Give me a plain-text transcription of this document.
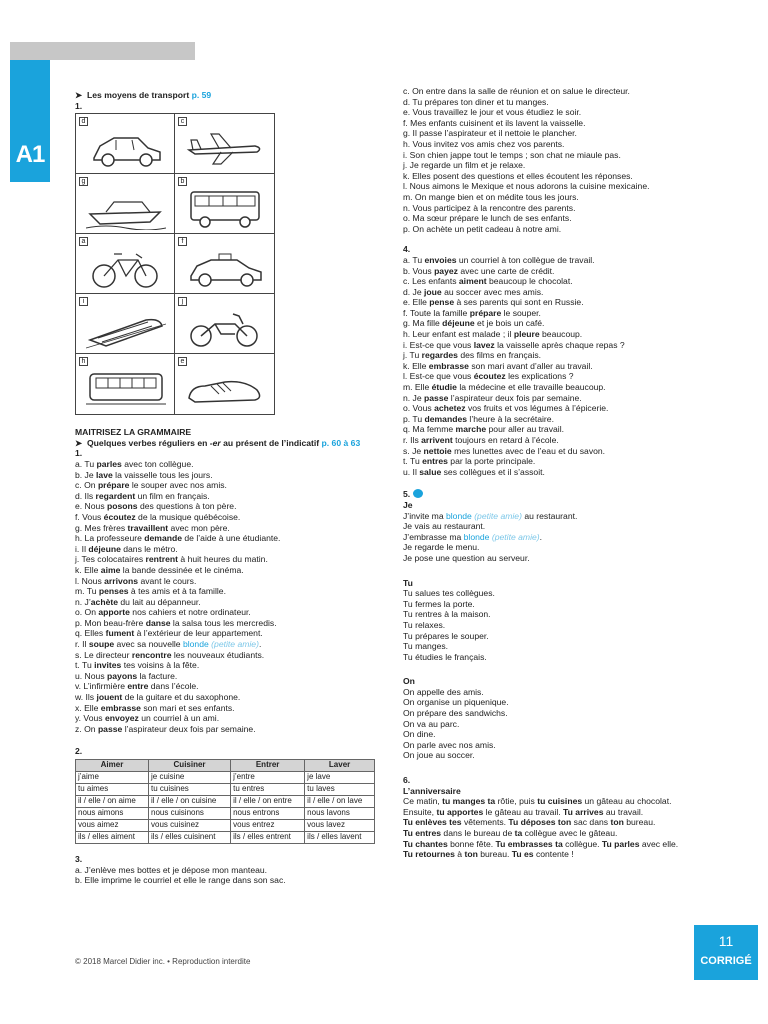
A1
➤ Les moyens de transport p. 59
1.
d	c
g	b
a	f
i	j
h	e
MAITRISEZ LA GRAMMAIRE
➤ Quelques verbes réguliers en -er au présent de l’indicatif p. 60 à 63
1.
a. Tu parles avec ton collègue.
b. Je lave la vaisselle tous les jours.
c. On prépare le souper avec nos amis.
d. Ils regardent un film en français.
e. Nous posons des questions à ton père.
f. Vous écoutez de la musique québécoise.
g. Mes frères travaillent avec mon père.
h. La professeure demande de l’aide à une étudiante.
i. Il déjeune dans le métro.
j. Tes colocataires rentrent à huit heures du matin.
k. Elle aime la bande dessinée et le cinéma.
l. Nous arrivons avant le cours.
m. Tu penses à tes amis et à ta famille.
n. J’achète du lait au dépanneur.
o. On apporte nos cahiers et notre ordinateur.
p. Mon beau-frère danse la salsa tous les mercredis.
q. Elles fument à l’extérieur de leur appartement.
r. Il soupe avec sa nouvelle blonde (petite amie).
s. Le directeur rencontre les nouveaux étudiants.
t. Tu invites tes voisins à la fête.
u. Nous payons la facture.
v. L’infirmière entre dans l’école.
w. Ils jouent de la guitare et du saxophone.
x. Elle embrasse son mari et ses enfants.
y. Vous envoyez un courriel à un ami.
z. On passe l’aspirateur deux fois par semaine.
2.
Aimer	Cuisiner	Entrer	Laver
j’aime	je cuisine	j’entre	je lave
tu aimes	tu cuisines	tu entres	tu laves
il / elle / on aime	il / elle / on cuisine	il / elle / on entre	il / elle / on lave
nous aimons	nous cuisinons	nous entrons	nous lavons
vous aimez	vous cuisinez	vous entrez	vous lavez
ils / elles aiment	ils / elles cuisinent	ils / elles entrent	ils / elles lavent
3.
a. J’enlève mes bottes et je dépose mon manteau.
b. Elle imprime le courriel et elle le range dans son sac.
c. On entre dans la salle de réunion et on salue le directeur.
d. Tu prépares ton diner et tu manges.
e. Vous travaillez le jour et vous étudiez le soir.
f. Mes enfants cuisinent et ils lavent la vaisselle.
g. Il passe l’aspirateur et il nettoie le plancher.
h. Vous invitez vos amis chez vos parents.
i. Son chien jappe tout le temps ; son chat ne miaule pas.
j. Je regarde un film et je relaxe.
k. Elles posent des questions et elles écoutent les réponses.
l. Nous aimons le Mexique et nous adorons la cuisine mexicaine.
m. On mange bien et on médite tous les jours.
n. Vous participez à la rencontre des parents.
o. Ma sœur prépare le lunch de ses enfants.
p. On achète un petit cadeau à notre ami.
4.
a. Tu envoies un courriel à ton collègue de travail.
b. Vous payez avec une carte de crédit.
c. Les enfants aiment beaucoup le chocolat.
d. Je joue au soccer avec mes amis.
e. Elle pense à ses parents qui sont en Russie.
f. Toute la famille prépare le souper.
g. Ma fille déjeune et je bois un café.
h. Leur enfant est malade ; il pleure beaucoup.
i. Est-ce que vous lavez la vaisselle après chaque repas ?
j. Tu regardes des films en français.
k. Elle embrasse son mari avant d’aller au travail.
l. Est-ce que vous écoutez les explications ?
m. Elle étudie la médecine et elle travaille beaucoup.
n. Je passe l’aspirateur deux fois par semaine.
o. Vous achetez vos fruits et vos légumes à l’épicerie.
p. Tu demandes l’heure à la secrétaire.
q. Ma femme marche pour aller au travail.
r. Ils arrivent toujours en retard à l’école.
s. Je nettoie mes lunettes avec de l’eau et du savon.
t. Tu entres par la porte principale.
u. Il salue ses collègues et il s’assoit.
5.
Je
J’invite ma blonde (petite amie) au restaurant.
Je vais au restaurant.
J’embrasse ma blonde (petite amie).
Je regarde le menu.
Je pose une question au serveur.
Tu
Tu salues tes collègues.
Tu fermes la porte.
Tu rentres à la maison.
Tu relaxes.
Tu prépares le souper.
Tu manges.
Tu étudies le français.
On
On appelle des amis.
On organise un piquenique.
On prépare des sandwichs.
On va au parc.
On dine.
On parle avec nos amis.
On joue au soccer.
6.
L’anniversaire
Ce matin, tu manges ta rôtie, puis tu cuisines un gâteau au chocolat.
Ensuite, tu apportes le gâteau au travail. Tu arrives au travail.
Tu enlèves tes vêtements. Tu déposes ton sac dans ton bureau.
Tu entres dans le bureau de ta collègue avec le gâteau.
Tu chantes bonne fête. Tu embrasses ta collègue. Tu parles avec elle.
Tu retournes à ton bureau. Tu es contente !
© 2018 Marcel Didier inc. • Reproduction interdite
11
CORRIGÉ
